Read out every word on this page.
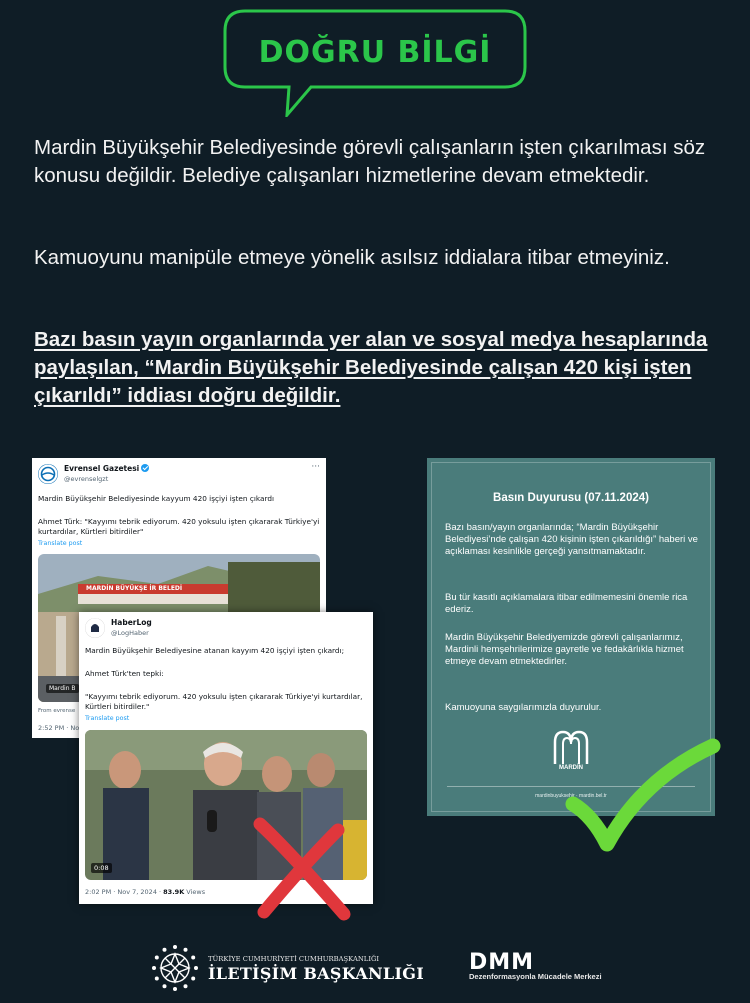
DOĞRU BİLGİ

Mardin Büyükşehir Belediyesinde görevli çalışanların işten çıkarılması söz konusu değildir. Belediye çalışanları hizmetlerine devam etmektedir.

Kamuoyunu manipüle etmeye yönelik asılsız iddialara itibar etmeyiniz.

Bazı basın yayın organlarında yer alan ve sosyal medya hesaplarında paylaşılan, “Mardin Büyükşehir Belediyesinde çalışan 420 kişi işten çıkarıldı” iddiası doğru değildir.

Evrensel Gazetesi
@evrenselgzt
···
Mardin Büyükşehir Belediyesinde kayyum 420 işçiyi işten çıkardı
Ahmet Türk: "Kayyımı tebrik ediyorum. 420 yoksulu işten çıkararak Türkiye'yi kurtardılar, Kürtleri bitirdiler"
Translate post
MARDİN BÜYÜKŞE İR BELEDİ
Mardin B
From evrense
2:52 PM · No
HaberLog
@LogHaber
Mardin Büyükşehir Belediyesine atanan kayyım 420 işçiyi işten çıkardı;
Ahmet Türk'ten tepki:
"Kayyımı tebrik ediyorum. 420 yoksulu işten çıkararak Türkiye'yi kurtardılar, Kürtleri bitirdiler."
Translate post
0:08
2:02 PM · Nov 7, 2024 · 83.9K Views
Basın Duyurusu (07.11.2024)
Bazı basın/yayın organlarında; “Mardin Büyükşehir Belediyesi’nde çalışan 420 kişinin işten çıkarıldığı” haberi ve açıklaması kesinlikle gerçeği yansıtmamaktadır.
Bu tür kasıtlı açıklamalara itibar edilmemesini önemle rica ederiz.
Mardin Büyükşehir Belediyemizde görevli çalışanlarımız, Mardinli hemşehrilerimize gayretle ve fedakârlıkla hizmet etmeye devam etmektedirler.
Kamuoyuna saygılarımızla duyurulur.
MARDİN
mardinbuyuksehir · mardin.bel.tr
TÜRKİYE CUMHURİYETİ CUMHURBAŞKANLIĞI
İLETİŞİM BAŞKANLIĞI DMM
Dezenformasyonla Mücadele Merkezi
